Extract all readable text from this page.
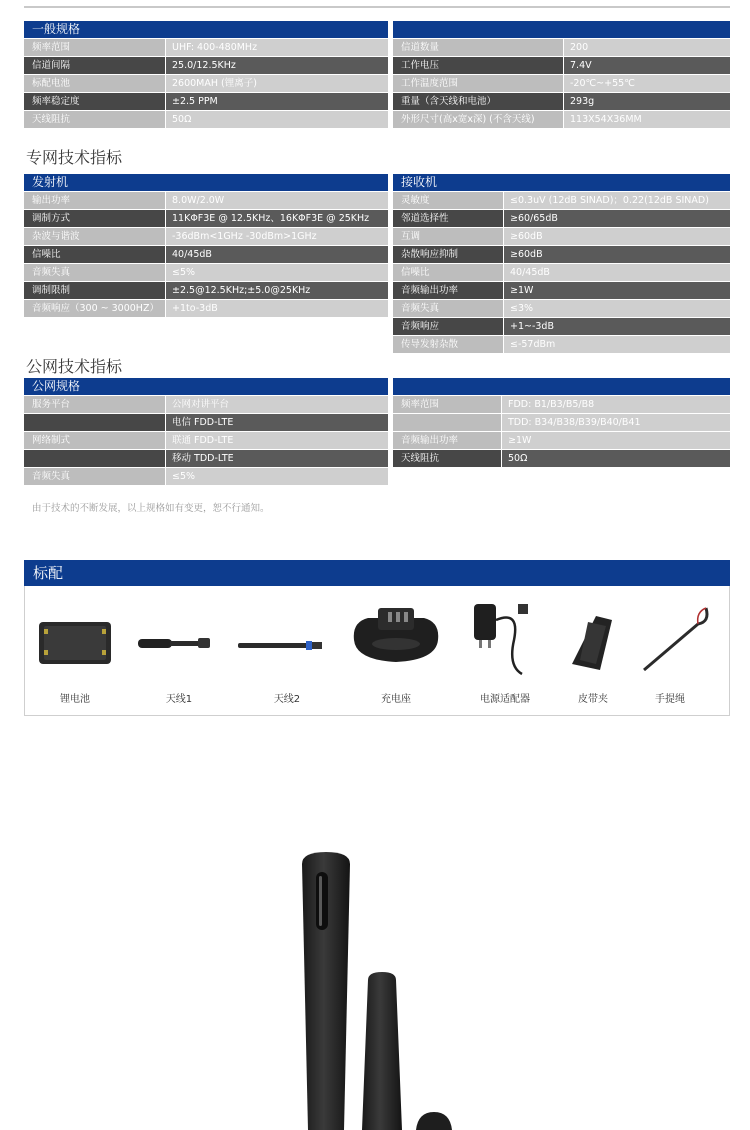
一般规格
频率范围	UHF: 400-480MHz
信道间隔	25.0/12.5KHz
标配电池	2600MAH (锂离子)
频率稳定度	±2.5 PPM
天线阻抗	50Ω
信道数量	200
工作电压	7.4V
工作温度范围	-20℃~+55℃
重量（含天线和电池）	293g
外形尺寸(高x宽x深) (不含天线)	113X54X36MM
专网技术指标
发射机
输出功率	8.0W/2.0W
调制方式	11KΦF3E @ 12.5KHz、16KΦF3E @ 25KHz
杂波与谐波	-36dBm<1GHz -30dBm>1GHz
信噪比	40/45dB
音频失真	≤5%
调制限制	±2.5@12.5KHz;±5.0@25KHz
音频响应（300 ~ 3000HZ）	+1to-3dB
接收机
灵敏度	≤0.3uV (12dB SINAD)；0.22(12dB SINAD)
邻道选择性	≥60/65dB
互调	≥60dB
杂散响应抑制	≥60dB
信噪比	40/45dB
音频输出功率	≥1W
音频失真	≤3%
音频响应	+1~-3dB
传导发射杂散	≤-57dBm
公网技术指标
公网规格
服务平台	公网对讲平台
电信 FDD-LTE
网络制式	联通 FDD-LTE
移动 TDD-LTE
音频失真	≤5%
频率范围	FDD: B1/B3/B5/B8
TDD: B34/B38/B39/B40/B41
音频输出功率	≥1W
天线阻抗	50Ω
由于技术的不断发展，以上规格如有变更，恕不行通知。
标配
锂电池	天线1	天线2	充电座	电源适配器	皮带夹	手提绳
